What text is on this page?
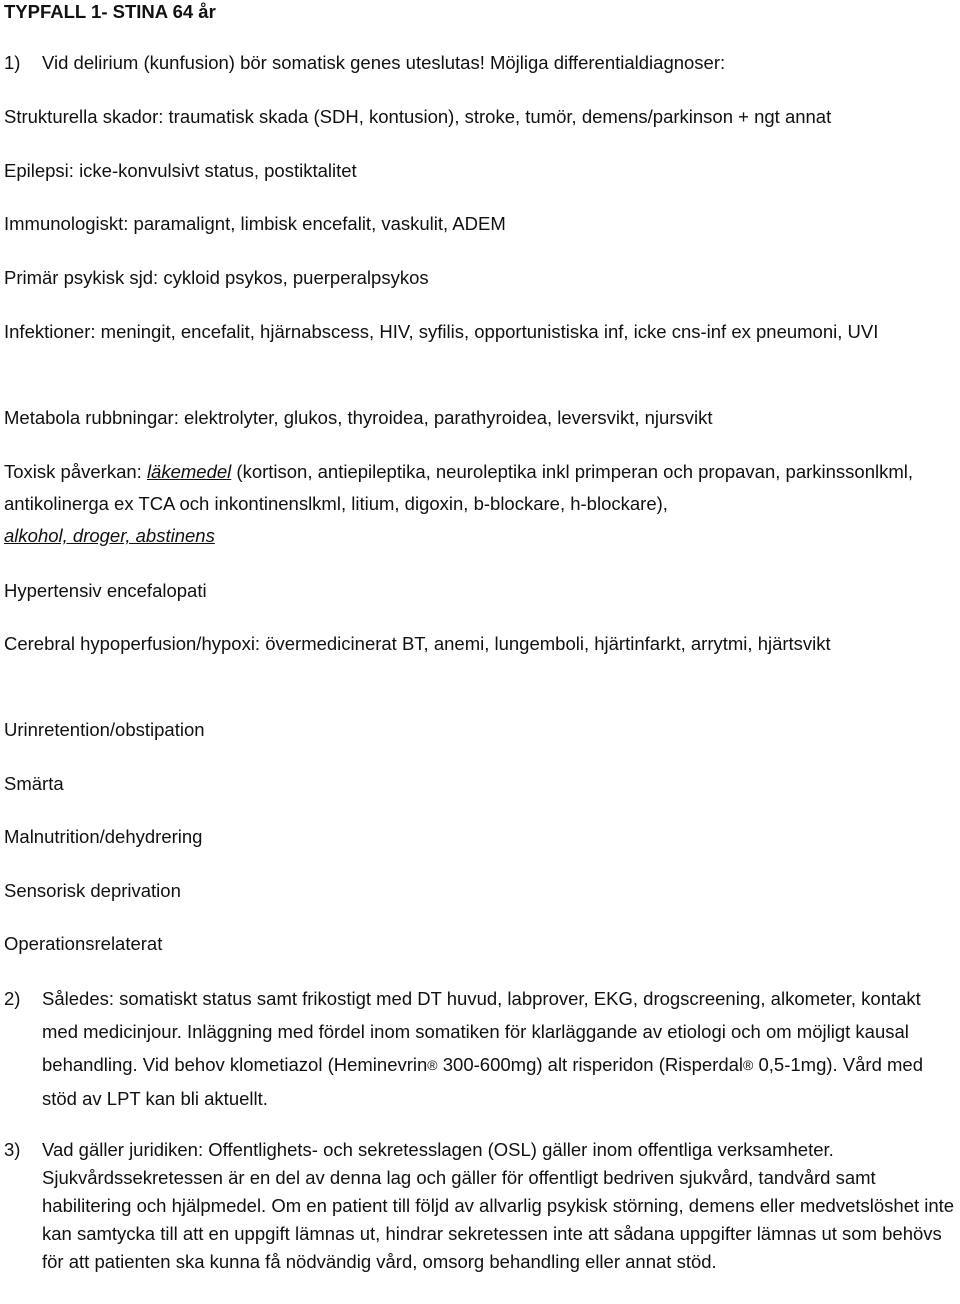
TYPFALL 1- STINA 64 år
1) Vid delirium (kunfusion) bör somatisk genes uteslutas! Möjliga differentialdiagnoser:
Strukturella skador: traumatisk skada (SDH, kontusion), stroke, tumör, demens/parkinson + ngt annat
Epilepsi: icke-konvulsivt status, postiktalitet
Immunologiskt: paramalignt, limbisk encefalit, vaskulit, ADEM
Primär psykisk sjd: cykloid psykos, puerperalpsykos
Infektioner: meningit, encefalit, hjärnabscess, HIV, syfilis, opportunistiska inf, icke cns-inf ex pneumoni, UVI
Metabola rubbningar: elektrolyter, glukos, thyroidea, parathyroidea, leversvikt, njursvikt
Toxisk påverkan: läkemedel (kortison, antiepileptika, neuroleptika inkl primperan och propavan, parkinssonlkml, antikolinerga ex TCA och inkontinenslkml, litium, digoxin, b-blockare, h-blockare),
alkohol, droger, abstinens
Hypertensiv encefalopati
Cerebral hypoperfusion/hypoxi: övermedicinerat BT, anemi, lungemboli, hjärtinfarkt, arrytmi, hjärtsvikt
Urinretention/obstipation
Smärta
Malnutrition/dehydrering
Sensorisk deprivation
Operationsrelaterat
2) Således: somatiskt status samt frikostigt med DT huvud, labprover, EKG, drogscreening, alkometer, kontakt med medicinjour. Inläggning med fördel inom somatiken för klarläggande av etiologi och om möjligt kausal behandling. Vid behov klometiazol (Heminevrin® 300-600mg) alt risperidon (Risperdal® 0,5-1mg). Vård med stöd av LPT kan bli aktuellt.
3) Vad gäller juridiken: Offentlighets- och sekretesslagen (OSL) gäller inom offentliga verksamheter. Sjukvårdssekretessen är en del av denna lag och gäller för offentligt bedriven sjukvård, tandvård samt habilitering och hjälpmedel. Om en patient till följd av allvarlig psykisk störning, demens eller medvetslöshet inte kan samtycka till att en uppgift lämnas ut, hindrar sekretessen inte att sådana uppgifter lämnas ut som behövs för att patienten ska kunna få nödvändig vård, omsorg behandling eller annat stöd.
